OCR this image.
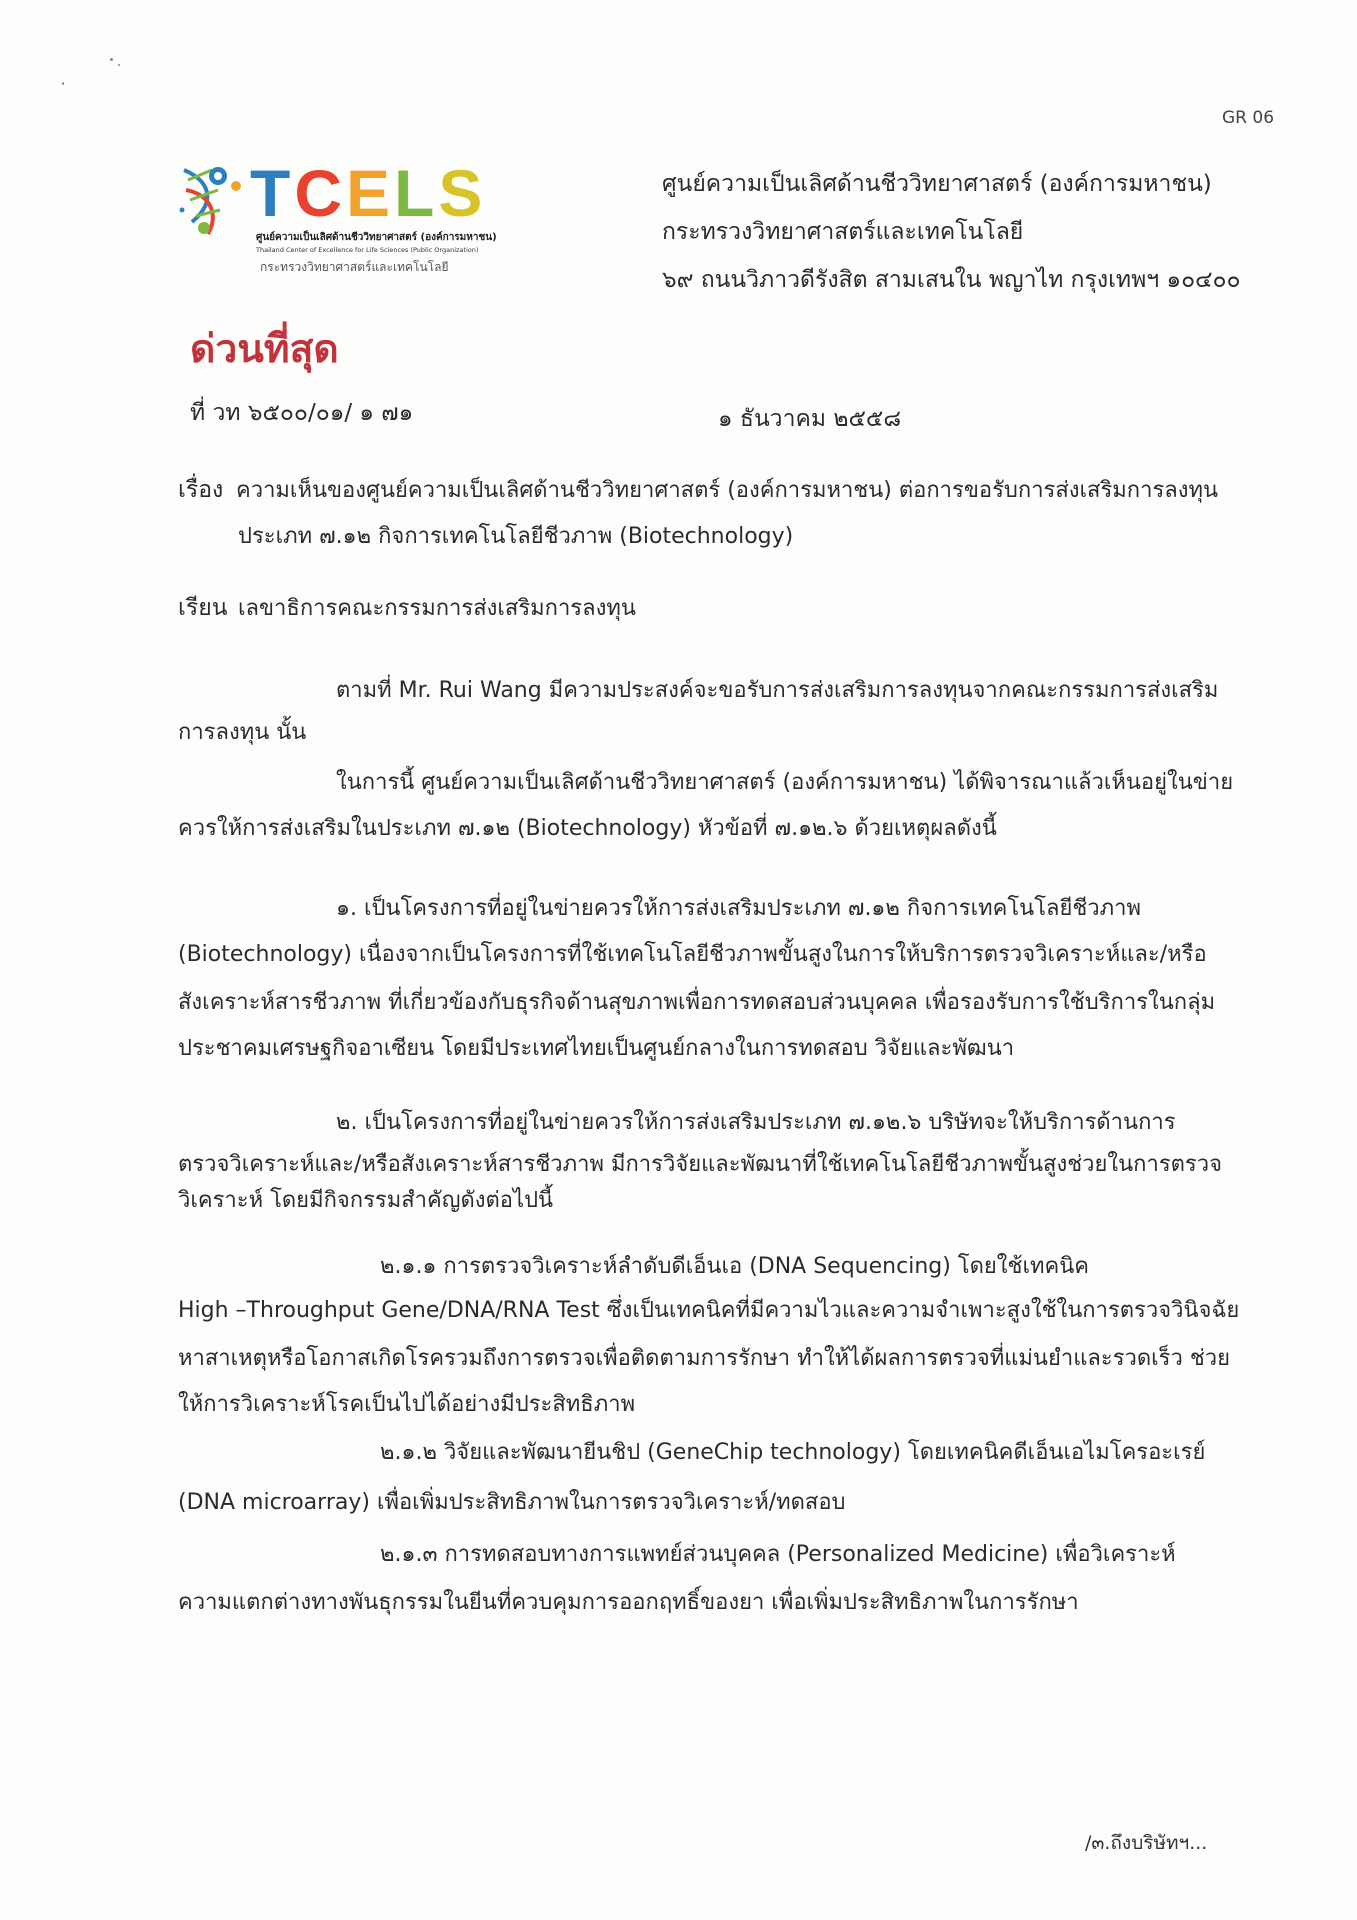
GR 06
TCELS
ศูนย์ความเป็นเลิศด้านชีววิทยาศาสตร์ (องค์การมหาชน)
Thailand Center of Excellence for Life Sciences (Public Organization)
กระทรวงวิทยาศาสตร์และเทคโนโลยี
ศูนย์ความเป็นเลิศด้านชีววิทยาศาสตร์ (องค์การมหาชน)
กระทรวงวิทยาศาสตร์และเทคโนโลยี
๖๙ ถนนวิภาวดีรังสิต สามเสนใน พญาไท กรุงเทพฯ ๑๐๔๐๐
ด่วนที่สุด
ที่ วท ๖๕๐๐/๐๑/ ๑ ๗๑	๑ ธันวาคม ๒๕๕๘
เรื่อง ความเห็นของศูนย์ความเป็นเลิศด้านชีววิทยาศาสตร์ (องค์การมหาชน) ต่อการขอรับการส่งเสริมการลงทุน
ประเภท ๗.๑๒ กิจการเทคโนโลยีชีวภาพ (Biotechnology)
เรียน เลขาธิการคณะกรรมการส่งเสริมการลงทุน
ตามที่ Mr. Rui Wang มีความประสงค์จะขอรับการส่งเสริมการลงทุนจากคณะกรรมการส่งเสริม
การลงทุน นั้น
ในการนี้ ศูนย์ความเป็นเลิศด้านชีววิทยาศาสตร์ (องค์การมหาชน) ได้พิจารณาแล้วเห็นอยู่ในข่าย
ควรให้การส่งเสริมในประเภท ๗.๑๒ (Biotechnology) หัวข้อที่ ๗.๑๒.๖ ด้วยเหตุผลดังนี้
๑. เป็นโครงการที่อยู่ในข่ายควรให้การส่งเสริมประเภท ๗.๑๒ กิจการเทคโนโลยีชีวภาพ
(Biotechnology) เนื่องจากเป็นโครงการที่ใช้เทคโนโลยีชีวภาพขั้นสูงในการให้บริการตรวจวิเคราะห์และ/หรือ
สังเคราะห์สารชีวภาพ ที่เกี่ยวข้องกับธุรกิจด้านสุขภาพเพื่อการทดสอบส่วนบุคคล เพื่อรองรับการใช้บริการในกลุ่ม
ประชาคมเศรษฐกิจอาเซียน โดยมีประเทศไทยเป็นศูนย์กลางในการทดสอบ วิจัยและพัฒนา
๒. เป็นโครงการที่อยู่ในข่ายควรให้การส่งเสริมประเภท ๗.๑๒.๖ บริษัทจะให้บริการด้านการ
ตรวจวิเคราะห์และ/หรือสังเคราะห์สารชีวภาพ มีการวิจัยและพัฒนาที่ใช้เทคโนโลยีชีวภาพขั้นสูงช่วยในการตรวจ
วิเคราะห์ โดยมีกิจกรรมสำคัญดังต่อไปนี้
๒.๑.๑ การตรวจวิเคราะห์ลำดับดีเอ็นเอ (DNA Sequencing) โดยใช้เทคนิค
High –Throughput Gene/DNA/RNA Test ซึ่งเป็นเทคนิคที่มีความไวและความจำเพาะสูงใช้ในการตรวจวินิจฉัย
หาสาเหตุหรือโอกาสเกิดโรครวมถึงการตรวจเพื่อติดตามการรักษา ทำให้ได้ผลการตรวจที่แม่นยำและรวดเร็ว ช่วย
ให้การวิเคราะห์โรคเป็นไปได้อย่างมีประสิทธิภาพ
๒.๑.๒ วิจัยและพัฒนายีนชิป (GeneChip technology) โดยเทคนิคดีเอ็นเอไมโครอะเรย์
(DNA microarray) เพื่อเพิ่มประสิทธิภาพในการตรวจวิเคราะห์/ทดสอบ
๒.๑.๓ การทดสอบทางการแพทย์ส่วนบุคคล (Personalized Medicine) เพื่อวิเคราะห์
ความแตกต่างทางพันธุกรรมในยีนที่ควบคุมการออกฤทธิ์ของยา เพื่อเพิ่มประสิทธิภาพในการรักษา
/๓.ถึงบริษัทฯ...
